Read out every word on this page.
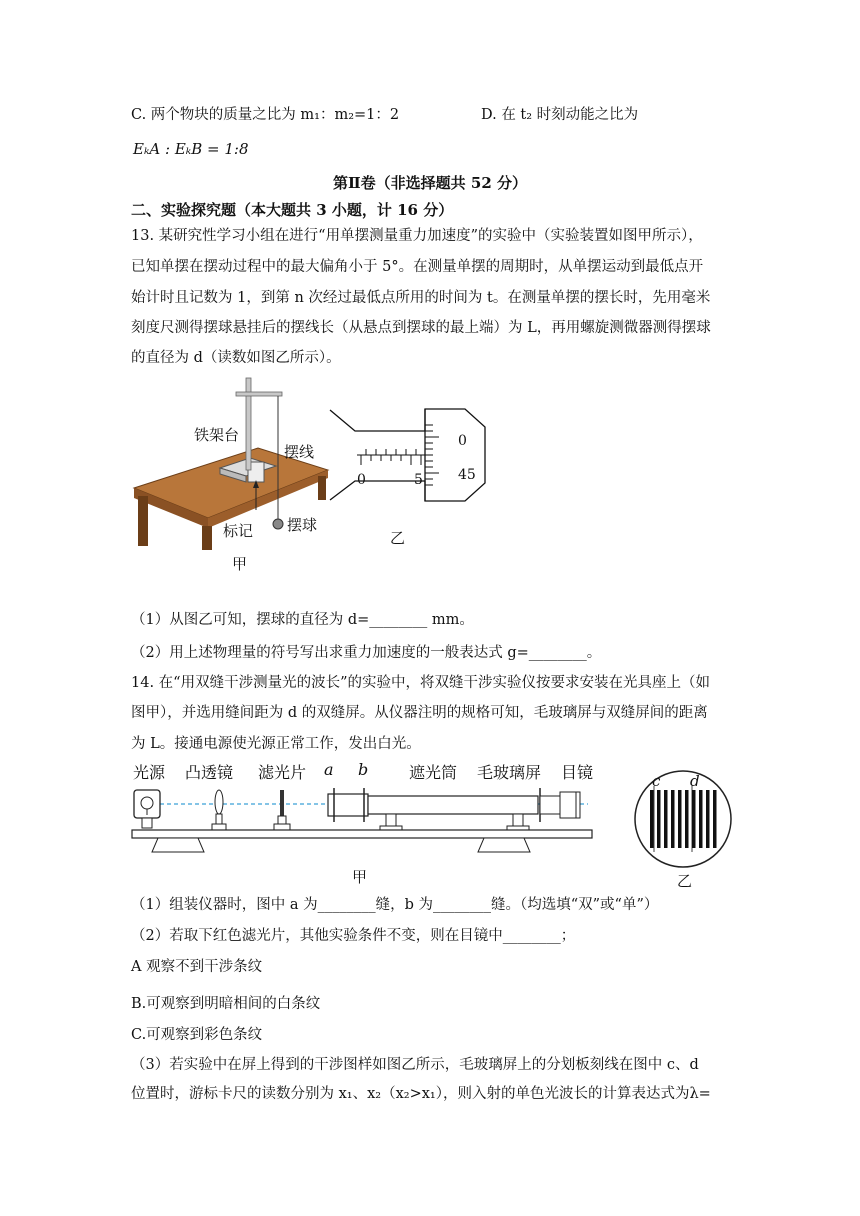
C. 两个物块的质量之比为 m₁：m₂=1：2	D. 在 t₂ 时刻动能之比为
EₖA : EₖB = 1:8
第Ⅱ卷（非选择题共 52 分）
二、实验探究题（本大题共 3 小题，计 16 分）
13. 某研究性学习小组在进行“用单摆测量重力加速度”的实验中（实验装置如图甲所示），
已知单摆在摆动过程中的最大偏角小于 5°。在测量单摆的周期时，从单摆运动到最低点开
始计时且记数为 1，到第 n 次经过最低点所用的时间为 t。在测量单摆的摆长时，先用毫米
刻度尺测得摆球悬挂后的摆线长（从悬点到摆球的最上端）为 L，再用螺旋测微器测得摆球
的直径为 d（读数如图乙所示）。
铁架台
摆线
标记 摆球
甲
0
45
0	5
乙
（1）从图乙可知，摆球的直径为 d=________ mm。
（2）用上述物理量的符号写出求重力加速度的一般表达式 g=________。
14. 在“用双缝干涉测量光的波长”的实验中，将双缝干涉实验仪按要求安装在光具座上（如
图甲），并选用缝间距为 d 的双缝屏。从仪器注明的规格可知，毛玻璃屏与双缝屏间的距离
为 L。接通电源使光源正常工作，发出白光。
光源 凸透镜 滤光片 a b	遮光筒 毛玻璃屏 目镜
甲
c d
乙
（1）组装仪器时，图中 a 为________缝，b 为________缝。（均选填“双”或“单”）
（2）若取下红色滤光片，其他实验条件不变，则在目镜中________；
A 观察不到干涉条纹
B.可观察到明暗相间的白条纹
C.可观察到彩色条纹
（3）若实验中在屏上得到的干涉图样如图乙所示，毛玻璃屏上的分划板刻线在图中 c、d
位置时，游标卡尺的读数分别为 x₁、x₂（x₂>x₁），则入射的单色光波长的计算表达式为λ=
